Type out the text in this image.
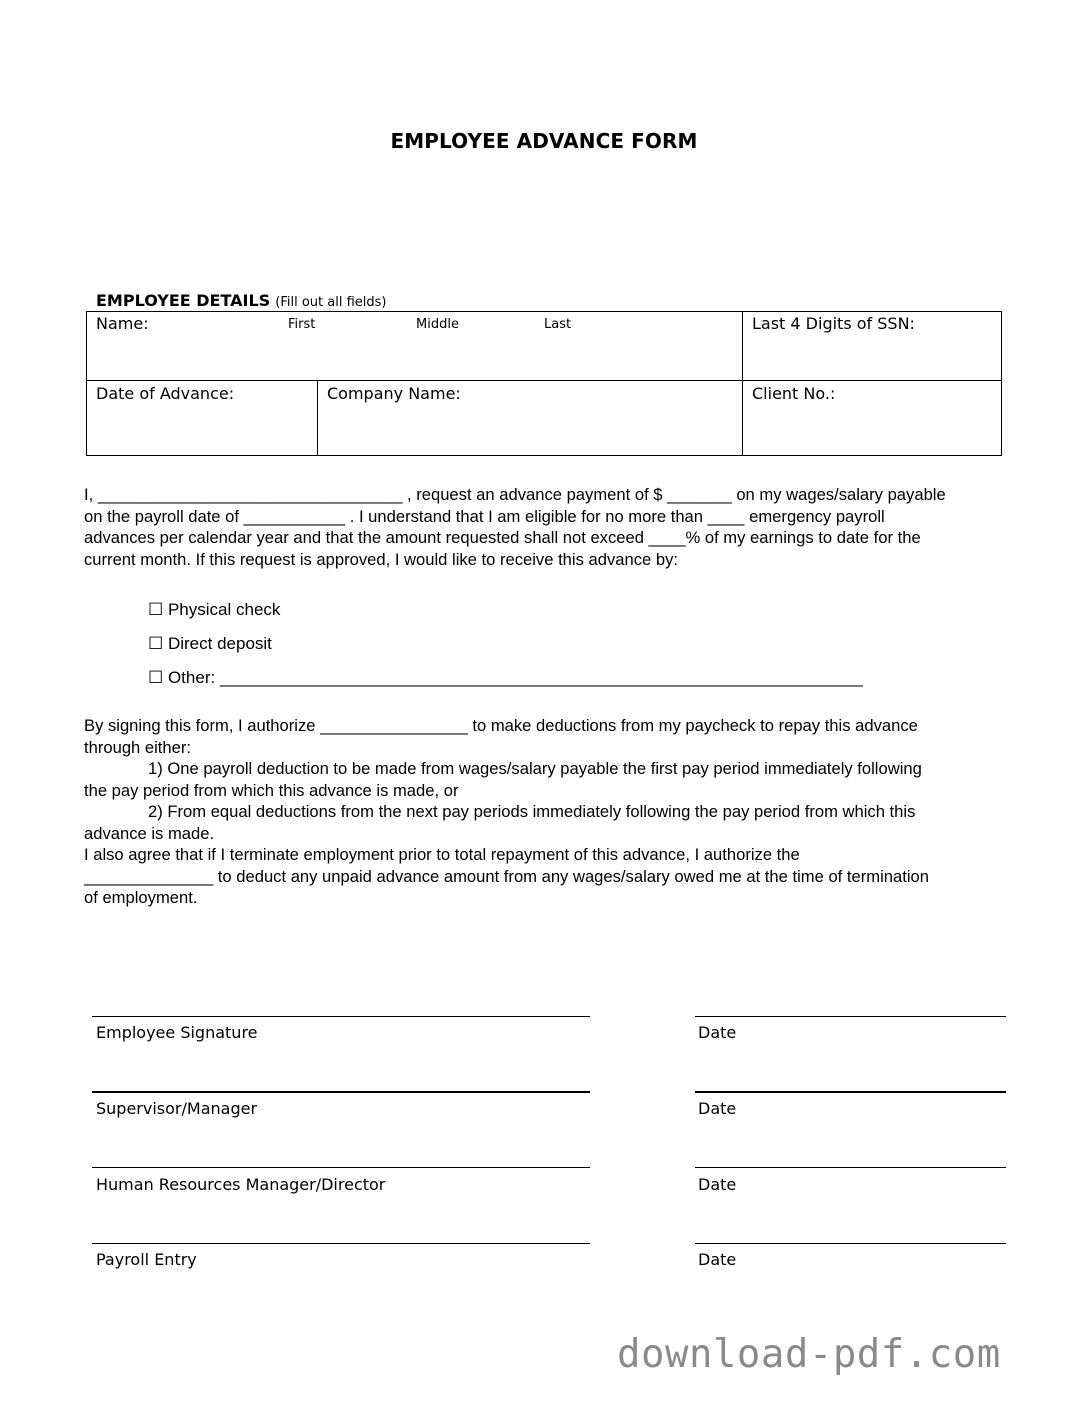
EMPLOYEE ADVANCE FORM
EMPLOYEE DETAILS (Fill out all fields)
Name:	First	Middle	Last	Last 4 Digits of SSN:
Date of Advance:	Company Name:	Client No.:
I, _________________________________ , request an advance payment of $ _______ on my wages/salary payable
on the payroll date of ___________ . I understand that I am eligible for no more than ____ emergency payroll
advances per calendar year and that the amount requested shall not exceed ____% of my earnings to date for the
current month. If this request is approved, I would like to receive this advance by:
☐ Physical check
☐ Direct deposit
☐ Other: ____________________________________________________________________
By signing this form, I authorize ________________ to make deductions from my paycheck to repay this advance
through either:
1) One payroll deduction to be made from wages/salary payable the first pay period immediately following
the pay period from which this advance is made, or
2) From equal deductions from the next pay periods immediately following the pay period from which this
advance is made.
I also agree that if I terminate employment prior to total repayment of this advance, I authorize the
______________ to deduct any unpaid advance amount from any wages/salary owed me at the time of termination
of employment.
Employee Signature	Date
Supervisor/Manager	Date
Human Resources Manager/Director	Date
Payroll Entry	Date
download-pdf.com
